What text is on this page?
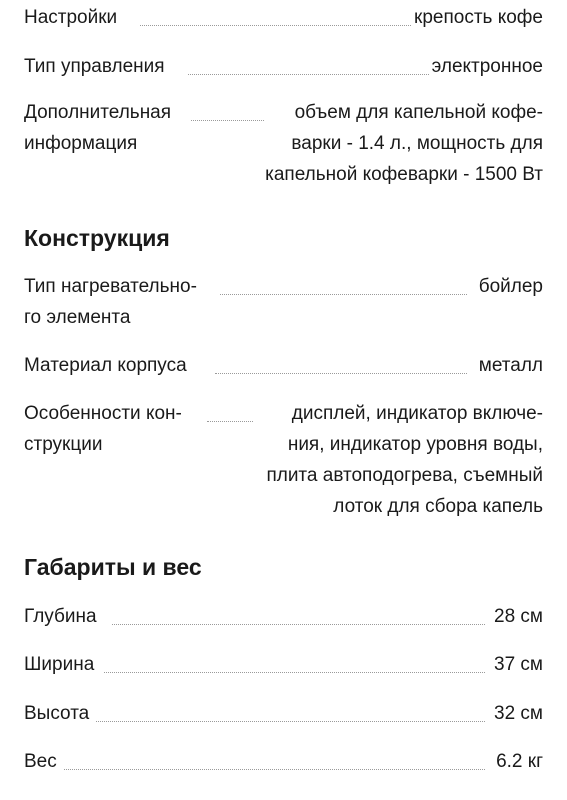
Настройки	крепость кофе
Тип управления	электронное
Дополнительная	объем для капельной кофе-
информация	варки - 1.4 л., мощность для
капельной кофеварки - 1500 Вт
Конструкция
Тип нагревательно-	бойлер
го элемента
Материал корпуса	металл
Особенности кон-	дисплей, индикатор включе-
струкции	ния, индикатор уровня воды,
плита автоподогрева, съемный
лоток для сбора капель
Габариты и вес
Глубина	28 см
Ширина	37 см
Высота	32 см
Вес	6.2 кг
